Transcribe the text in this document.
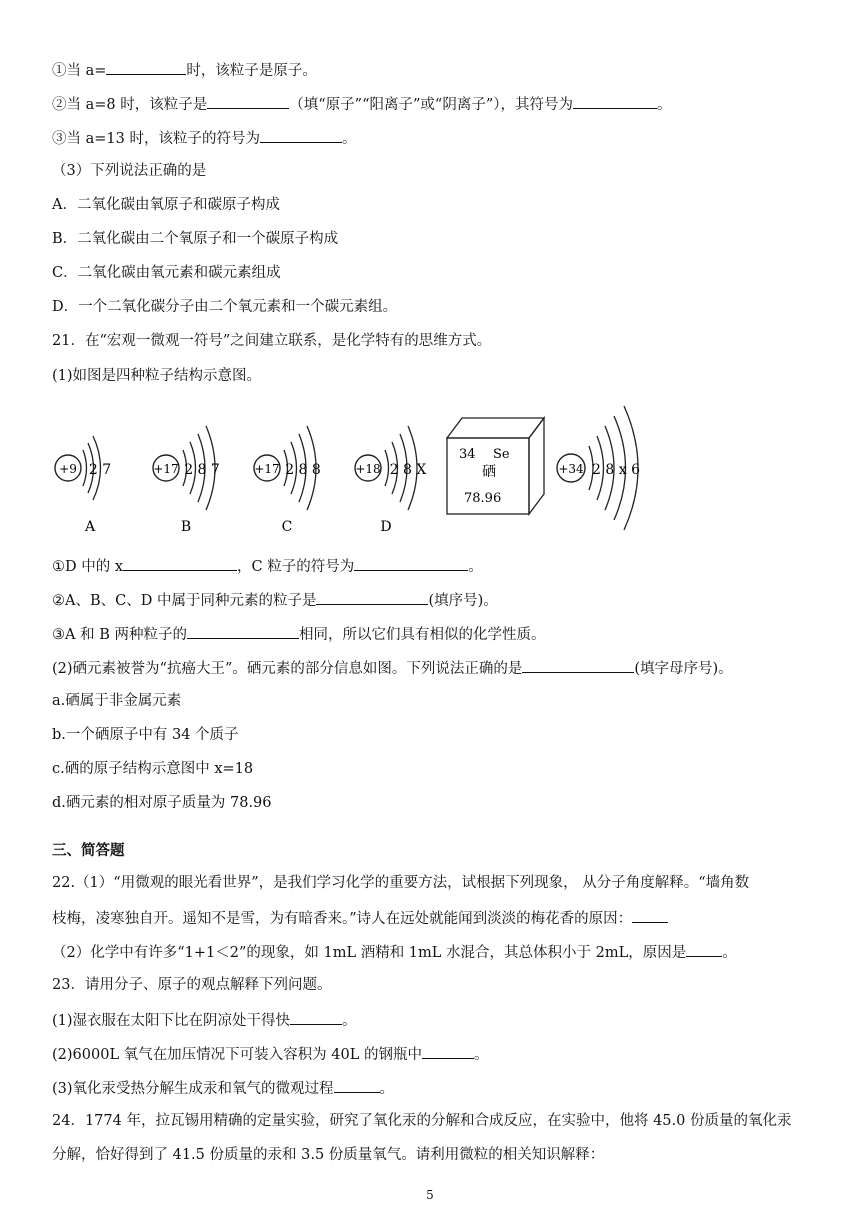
①当 a=	时，该粒子是原子。
②当 a=8 时，该粒子是	（填“原子”“阳离子”或“阴离子”），其符号为	。
③当 a=13 时，该粒子的符号为	。
（3）下列说法正确的是
A．二氧化碳由氧原子和碳原子构成
B．二氧化碳由二个氧原子和一个碳原子构成
C．二氧化碳由氧元素和碳元素组成
D．一个二氧化碳分子由二个氧元素和一个碳元素组。
21．在“宏观一微观一符号”之间建立联系，是化学特有的思维方式。
(1)如图是四种粒子结构示意图。
+9 2 7
A
+17 2 8 7
B
+17 2 8 8
C
+18 2 8 X
D
34 Se
硒
78.96
+34 2 8 x 6
①D 中的 x	，C 粒子的符号为	。
②A、B、C、D 中属于同种元素的粒子是	(填序号)。
③A 和 B 两种粒子的	相同，所以它们具有相似的化学性质。
(2)硒元素被誉为“抗癌大王”。硒元素的部分信息如图。下列说法正确的是	(填字母序号)。
a.硒属于非金属元素
b.一个硒原子中有 34 个质子
c.硒的原子结构示意图中 x=18
d.硒元素的相对原子质量为 78.96
三、简答题
22.（1）“用微观的眼光看世界”，是我们学习化学的重要方法，试根据下列现象， 从分子角度解释。“墙角数
枝梅，凌寒独自开。遥知不是雪，为有暗香来。”诗人在远处就能闻到淡淡的梅花香的原因：
（2）化学中有许多“1+1＜2”的现象，如 1mL 酒精和 1mL 水混合，其总体积小于 2mL，原因是 。
23．请用分子、原子的观点解释下列问题。
(1)湿衣服在太阳下比在阴凉处干得快	。
(2)6000L 氧气在加压情况下可装入容积为 40L 的钢瓶中	。
(3)氧化汞受热分解生成汞和氧气的微观过程	。
24．1774 年，拉瓦锡用精确的定量实验，研究了氧化汞的分解和合成反应，在实验中，他将 45.0 份质量的氧化汞
分解，恰好得到了 41.5 份质量的汞和 3.5 份质量氧气。请利用微粒的相关知识解释：
5
